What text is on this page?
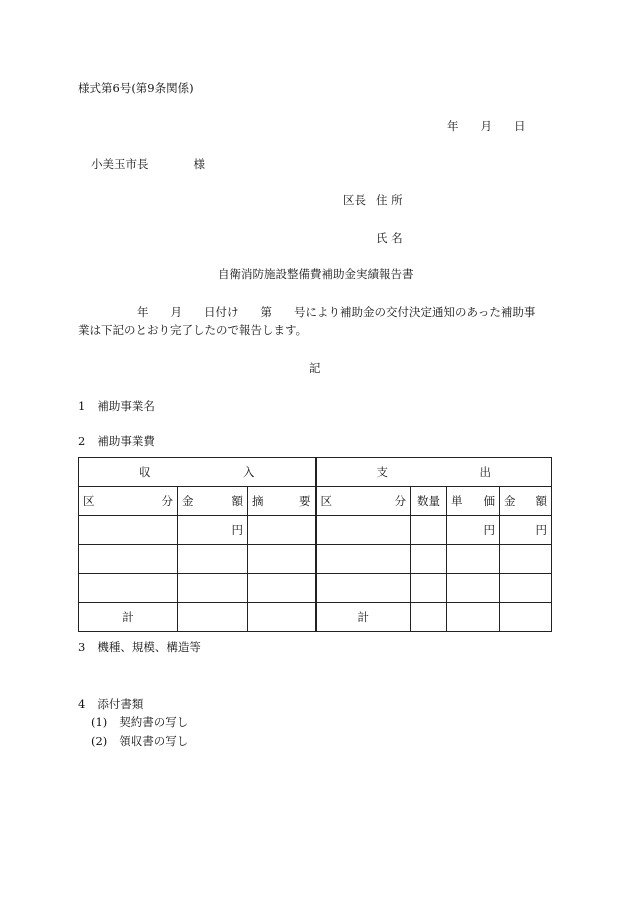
様式第6号(第9条関係)
年 月 日
小美玉市長	様
区長 住 所
氏 名
自衛消防施設整備費補助金実績報告書
年 月 日付け 第 号により補助金の交付決定通知のあった補助事
業は下記のとおり完了したので報告します。
記
1 補助事業名
2 補助事業費
収 入			支 出			

区 分	金 額	摘 要	区 分	数量	単 価	金 額

	円				円	円

計			計			
3 機種、規模、構造等
4 添付書類
(1) 契約書の写し
(2) 領収書の写し
